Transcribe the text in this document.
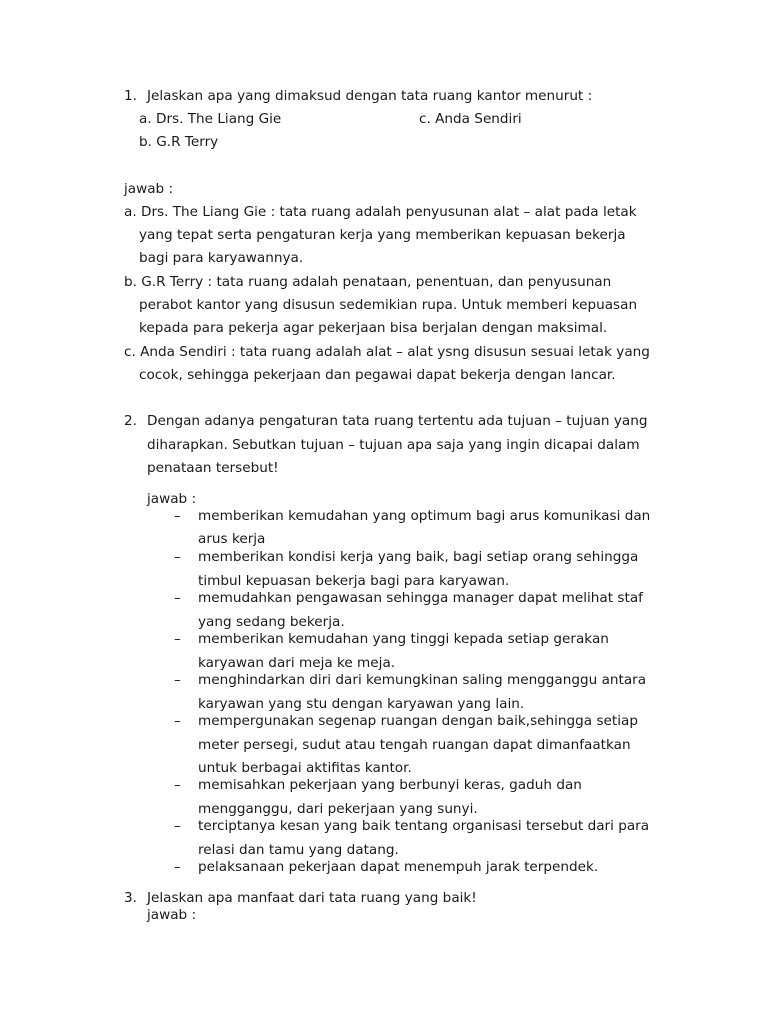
1. Jelaskan apa yang dimaksud dengan tata ruang kantor menurut :
a. Drs. The Liang Gie	c. Anda Sendiri
b. G.R Terry
jawab :
a. Drs. The Liang Gie : tata ruang adalah penyusunan alat – alat pada letak
yang tepat serta pengaturan kerja yang memberikan kepuasan bekerja
bagi para karyawannya.
b. G.R Terry : tata ruang adalah penataan, penentuan, dan penyusunan
perabot kantor yang disusun sedemikian rupa. Untuk memberi kepuasan
kepada para pekerja agar pekerjaan bisa berjalan dengan maksimal.
c. Anda Sendiri : tata ruang adalah alat – alat ysng disusun sesuai letak yang
cocok, sehingga pekerjaan dan pegawai dapat bekerja dengan lancar.
2. Dengan adanya pengaturan tata ruang tertentu ada tujuan – tujuan yang
diharapkan. Sebutkan tujuan – tujuan apa saja yang ingin dicapai dalam
penataan tersebut!
jawab :
– memberikan kemudahan yang optimum bagi arus komunikasi dan
arus kerja
– memberikan kondisi kerja yang baik, bagi setiap orang sehingga
timbul kepuasan bekerja bagi para karyawan.
– memudahkan pengawasan sehingga manager dapat melihat staf
yang sedang bekerja.
– memberikan kemudahan yang tinggi kepada setiap gerakan
karyawan dari meja ke meja.
– menghindarkan diri dari kemungkinan saling mengganggu antara
karyawan yang stu dengan karyawan yang lain.
– mempergunakan segenap ruangan dengan baik,sehingga setiap
meter persegi, sudut atau tengah ruangan dapat dimanfaatkan
untuk berbagai aktifitas kantor.
– memisahkan pekerjaan yang berbunyi keras, gaduh dan
mengganggu, dari pekerjaan yang sunyi.
– terciptanya kesan yang baik tentang organisasi tersebut dari para
relasi dan tamu yang datang.
– pelaksanaan pekerjaan dapat menempuh jarak terpendek.
3. Jelaskan apa manfaat dari tata ruang yang baik!
jawab :
